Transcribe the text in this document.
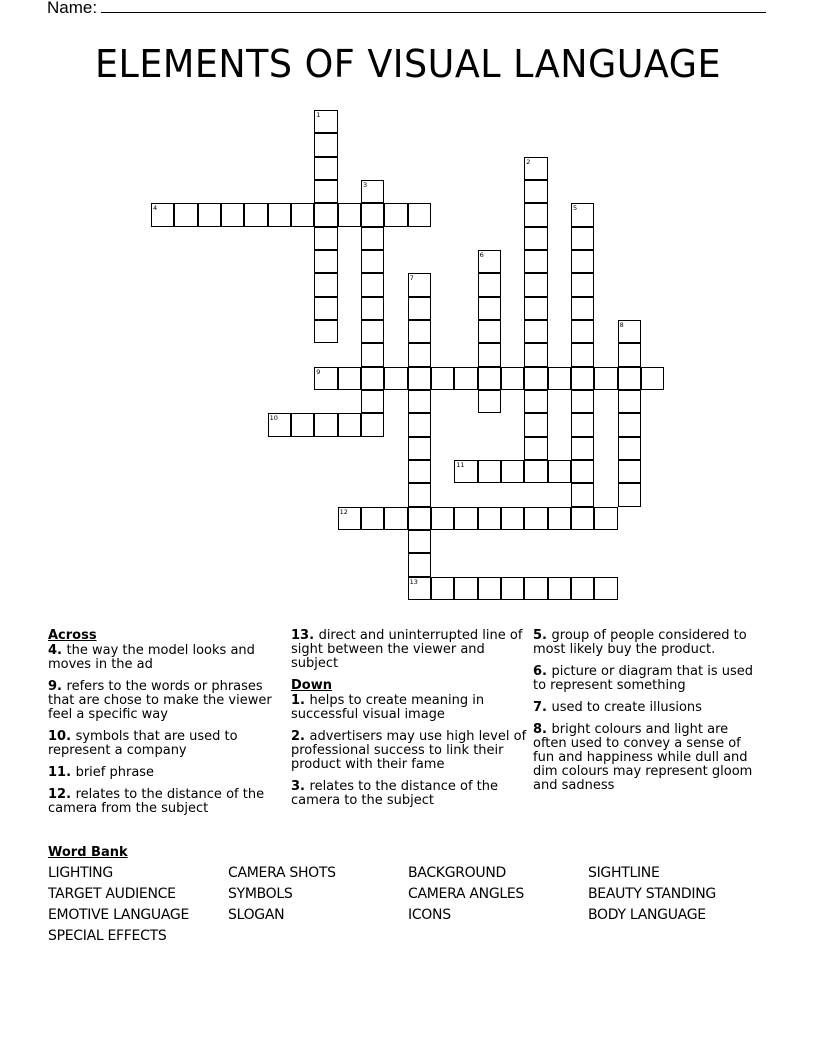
Name:
ELEMENTS OF VISUAL LANGUAGE
1
2
3
4	5
6
7
13
8
9
10
11
12
Across
4. the way the model looks and moves in the ad
9. refers to the words or phrases that are chose to make the viewer feel a specific way
10. symbols that are used to represent a company
11. brief phrase
12. relates to the distance of the camera from the subject
13. direct and uninterrupted line of sight between the viewer and subject
Down
1. helps to create meaning in successful visual image
2. advertisers may use high level of professional success to link their product with their fame
3. relates to the distance of the camera to the subject
5. group of people considered to most likely buy the product.
6. picture or diagram that is used to represent something
7. used to create illusions
8. bright colours and light are often used to convey a sense of fun and happiness while dull and dim colours may represent gloom and sadness
Word Bank
LIGHTING	CAMERA SHOTS	BACKGROUND	SIGHTLINE
TARGET AUDIENCE	SYMBOLS	CAMERA ANGLES	BEAUTY STANDING
EMOTIVE LANGUAGE	SLOGAN	ICONS	BODY LANGUAGE
SPECIAL EFFECTS
